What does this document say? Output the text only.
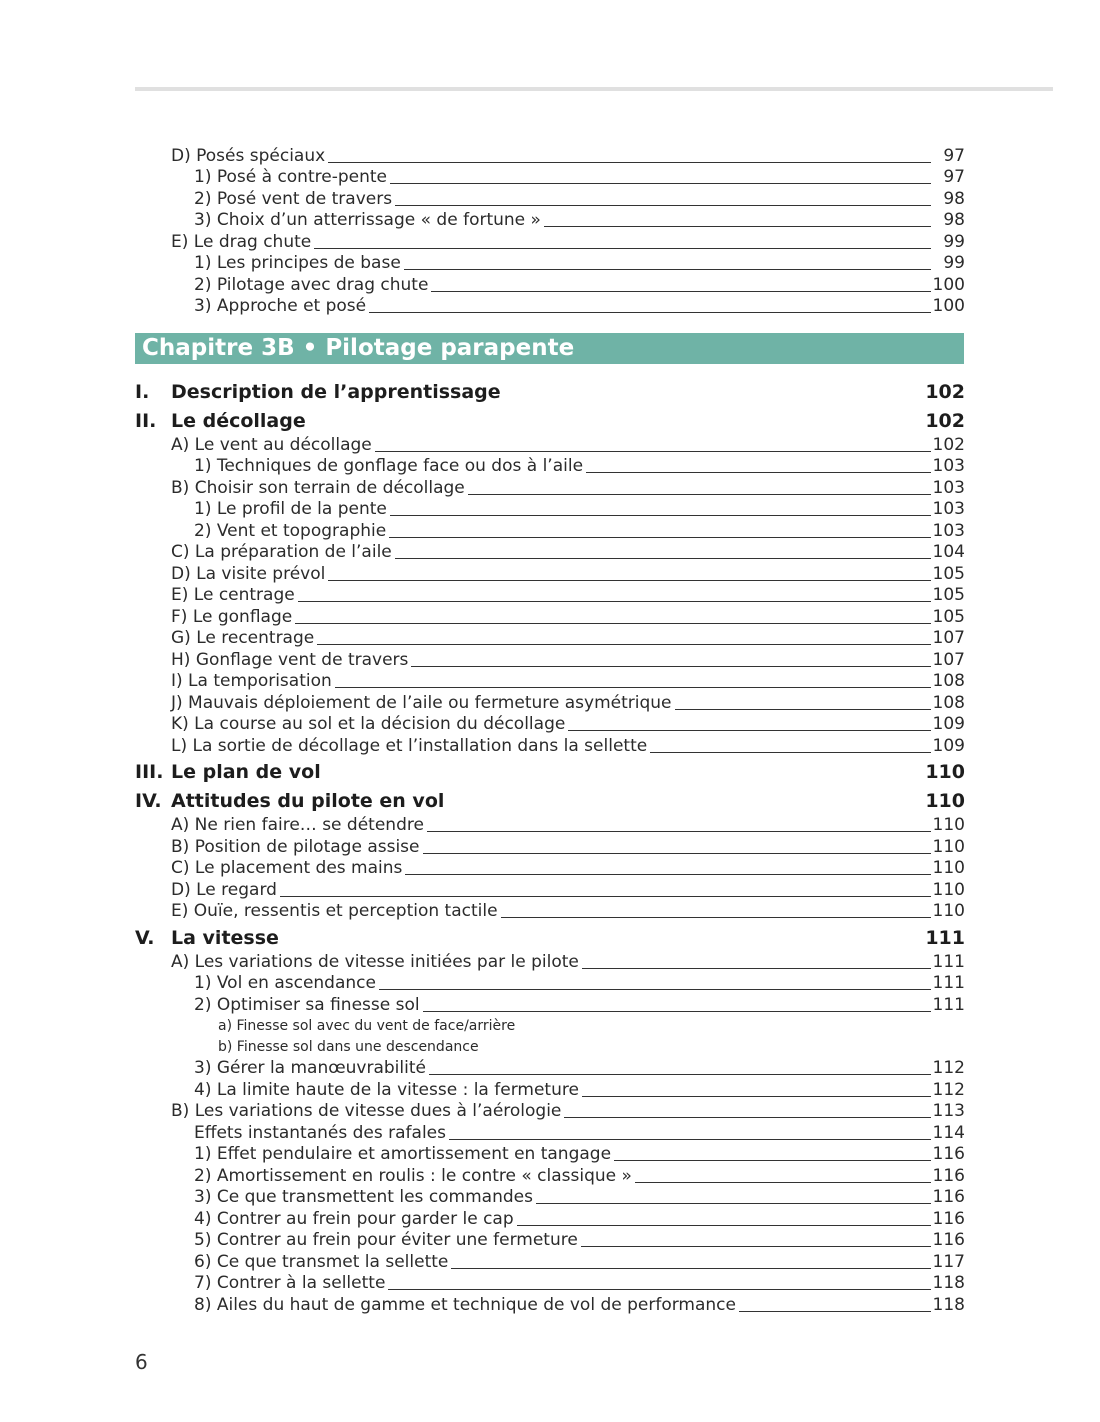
D) Posés spéciaux	97
1) Posé à contre-pente	97
2) Posé vent de travers	98
3) Choix d’un atterrissage « de fortune »	98
E) Le drag chute	99
1) Les principes de base	99
2) Pilotage avec drag chute	100
3) Approche et posé	100
Chapitre 3B • Pilotage parapente
I.	Description de l’apprentissage	102
II. Le décollage	102
A) Le vent au décollage	102
1) Techniques de gonflage face ou dos à l’aile	103
B) Choisir son terrain de décollage	103
1) Le profil de la pente	103
2) Vent et topographie	103
C) La préparation de l’aile	104
D) La visite prévol	105
E) Le centrage	105
F) Le gonflage	105
G) Le recentrage	107
H) Gonflage vent de travers	107
I) La temporisation	108
J) Mauvais déploiement de l’aile ou fermeture asymétrique	108
K) La course au sol et la décision du décollage	109
L) La sortie de décollage et l’installation dans la sellette	109
III. Le plan de vol	110
IV. Attitudes du pilote en vol	110
A) Ne rien faire… se détendre	110
B) Position de pilotage assise	110
C) Le placement des mains	110
D) Le regard	110
E) Ouïe, ressentis et perception tactile	110
V. La vitesse	111
A) Les variations de vitesse initiées par le pilote	111
1) Vol en ascendance	111
2) Optimiser sa finesse sol	111
a) Finesse sol avec du vent de face/arrière
b) Finesse sol dans une descendance
3) Gérer la manœuvrabilité	112
4) La limite haute de la vitesse : la fermeture	112
B) Les variations de vitesse dues à l’aérologie	113
Effets instantanés des rafales	114
1) Effet pendulaire et amortissement en tangage	116
2) Amortissement en roulis : le contre « classique »	116
3) Ce que transmettent les commandes	116
4) Contrer au frein pour garder le cap	116
5) Contrer au frein pour éviter une fermeture	116
6) Ce que transmet la sellette	117
7) Contrer à la sellette	118
8) Ailes du haut de gamme et technique de vol de performance	118
6
